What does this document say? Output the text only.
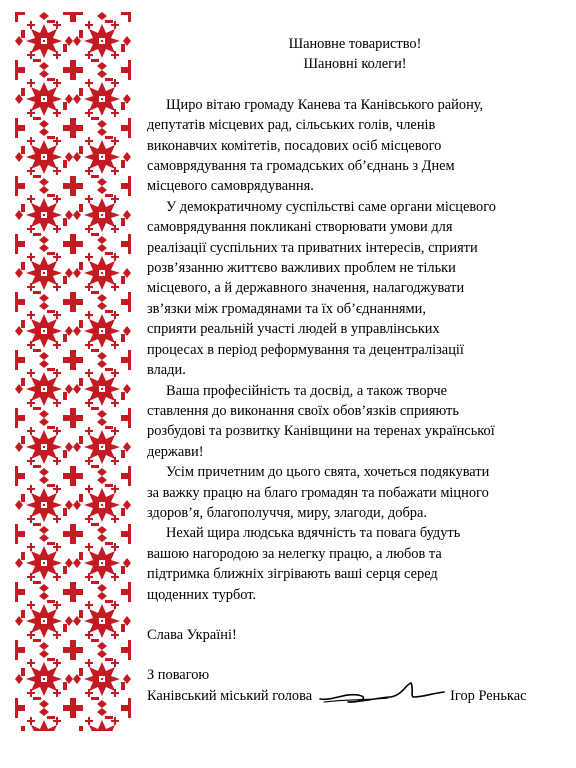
Шановне товариство!

Шановні колеги!

Щиро вітаю громаду Канева та Канівського району,
депутатів місцевих рад, сільських голів, членів
виконавчих комітетів, посадових осіб місцевого
самоврядування та громадських об’єднань з Днем
місцевого самоврядування.

У демократичному суспільстві саме органи місцевого
самоврядування покликані створювати умови для
реалізації суспільних та приватних інтересів, сприяти
розв’язанню життєво важливих проблем не тільки
місцевого, а й державного значення, налагоджувати
зв’язки між громадянами та їх об’єднаннями,
сприяти реальній участі людей в управлінських
процесах в період реформування та децентралізації
влади.

Ваша професійність та досвід, а також творче
ставлення до виконання своїх обов’язків сприяють
розбудові та розвитку Канівщини на теренах української
держави!

Усім причетним до цього свята, хочеться подякувати
за важку працю на благо громадян та побажати міцного
здоров’я, благополуччя, миру, злагоди, добра.

Нехай щира людська вдячність та повага будуть
вашою нагородою за нелегку працю, а любов та
підтримка ближніх зігрівають ваші серця серед
щоденних турбот.

Слава Україні!

З повагою
Канівський міський голова	Ігор Ренькас
